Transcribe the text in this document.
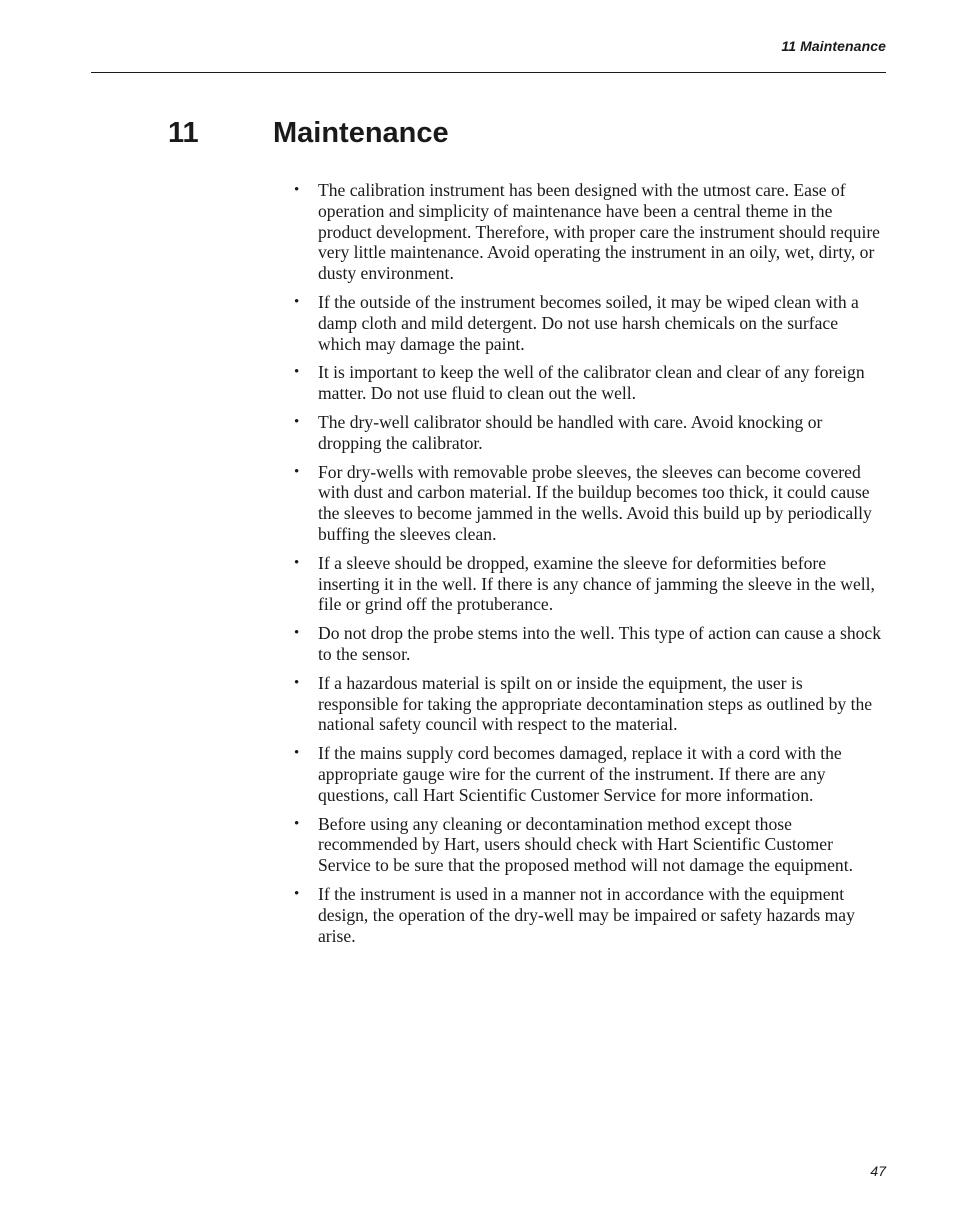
11 Maintenance
11	Maintenance
• The calibration instrument has been designed with the utmost care. Ease of operation and simplicity of maintenance have been a central theme in the product development. Therefore, with proper care the instrument should require very little maintenance. Avoid operating the instrument in an oily, wet, dirty, or dusty environment.
• If the outside of the instrument becomes soiled, it may be wiped clean with a damp cloth and mild detergent. Do not use harsh chemicals on the surface which may damage the paint.
• It is important to keep the well of the calibrator clean and clear of any foreign matter. Do not use fluid to clean out the well.
• The dry-well calibrator should be handled with care. Avoid knocking or dropping the calibrator.
• For dry-wells with removable probe sleeves, the sleeves can become covered with dust and carbon material. If the buildup becomes too thick, it could cause the sleeves to become jammed in the wells. Avoid this build up by periodically buffing the sleeves clean.
• If a sleeve should be dropped, examine the sleeve for deformities before inserting it in the well. If there is any chance of jamming the sleeve in the well, file or grind off the protuberance.
• Do not drop the probe stems into the well. This type of action can cause a shock to the sensor.
• If a hazardous material is spilt on or inside the equipment, the user is responsible for taking the appropriate decontamination steps as outlined by the national safety council with respect to the material.
• If the mains supply cord becomes damaged, replace it with a cord with the appropriate gauge wire for the current of the instrument. If there are any questions, call Hart Scientific Customer Service for more information.
• Before using any cleaning or decontamination method except those recommended by Hart, users should check with Hart Scientific Customer Service to be sure that the proposed method will not damage the equipment.
• If the instrument is used in a manner not in accordance with the equipment design, the operation of the dry-well may be impaired or safety hazards may arise.
47
